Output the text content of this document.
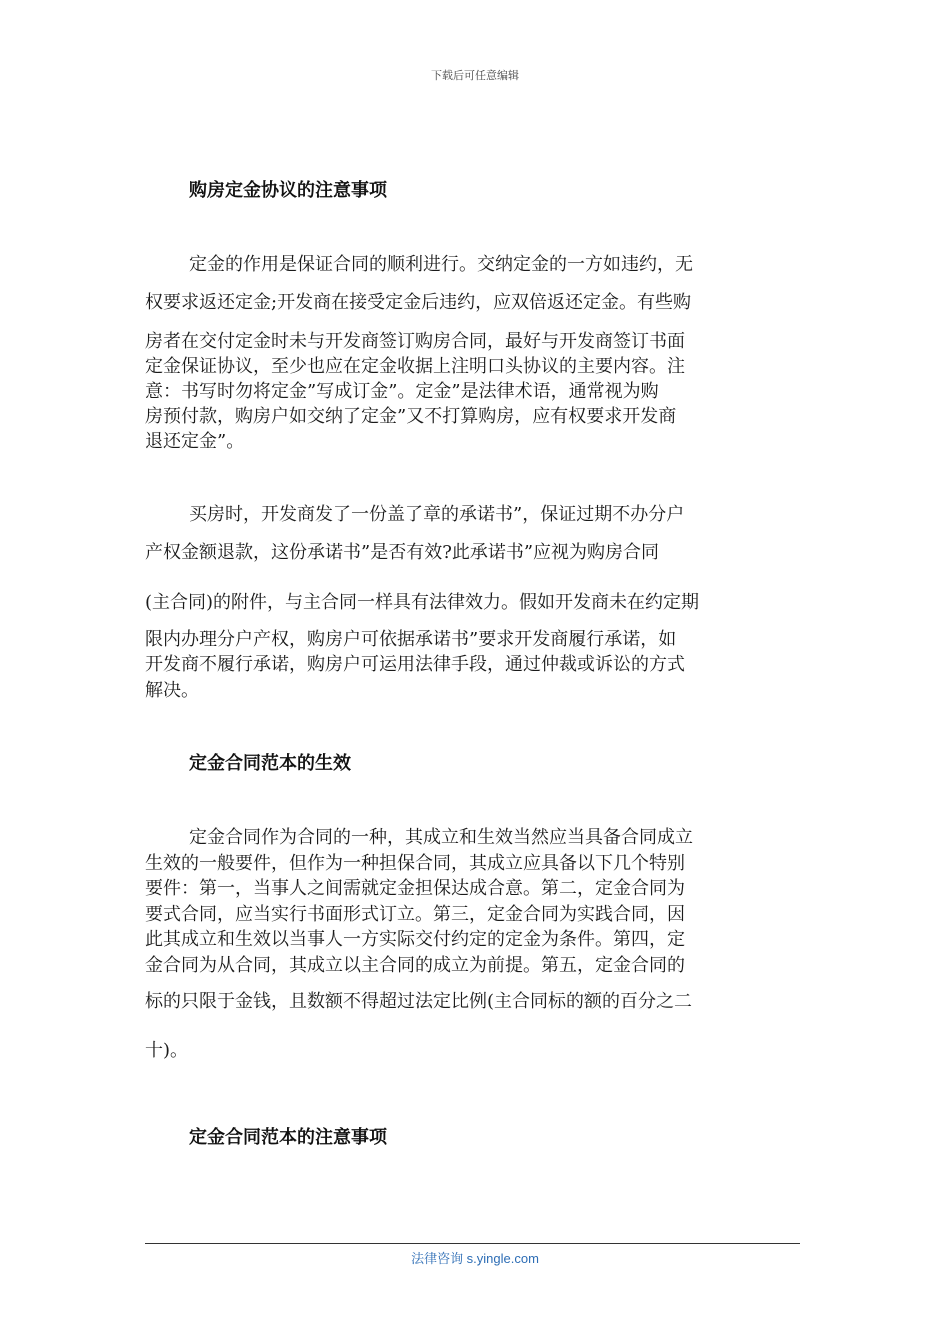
下载后可任意编辑
购房定金协议的注意事项
定金的作用是保证合同的顺利进行。交纳定金的一方如违约，无
权要求返还定金;开发商在接受定金后违约，应双倍返还定金。有些购
房者在交付定金时未与开发商签订购房合同，最好与开发商签订书面
定金保证协议，至少也应在定金收据上注明口头协议的主要内容。注
意：书写时勿将定金”写成订金”。定金”是法律术语，通常视为购
房预付款，购房户如交纳了定金”又不打算购房，应有权要求开发商
退还定金”。
买房时，开发商发了一份盖了章的承诺书”，保证过期不办分户
产权金额退款，这份承诺书”是否有效?此承诺书”应视为购房合同
(主合同)的附件，与主合同一样具有法律效力。假如开发商未在约定期
限内办理分户产权，购房户可依据承诺书”要求开发商履行承诺，如
开发商不履行承诺，购房户可运用法律手段，通过仲裁或诉讼的方式
解决。
定金合同范本的生效
定金合同作为合同的一种，其成立和生效当然应当具备合同成立
生效的一般要件，但作为一种担保合同，其成立应具备以下几个特别
要件：第一，当事人之间需就定金担保达成合意。第二，定金合同为
要式合同，应当实行书面形式订立。第三，定金合同为实践合同，因
此其成立和生效以当事人一方实际交付约定的定金为条件。第四，定
金合同为从合同，其成立以主合同的成立为前提。第五，定金合同的
标的只限于金钱，且数额不得超过法定比例(主合同标的额的百分之二
十)。
定金合同范本的注意事项
法律咨询 s.yingle.com
